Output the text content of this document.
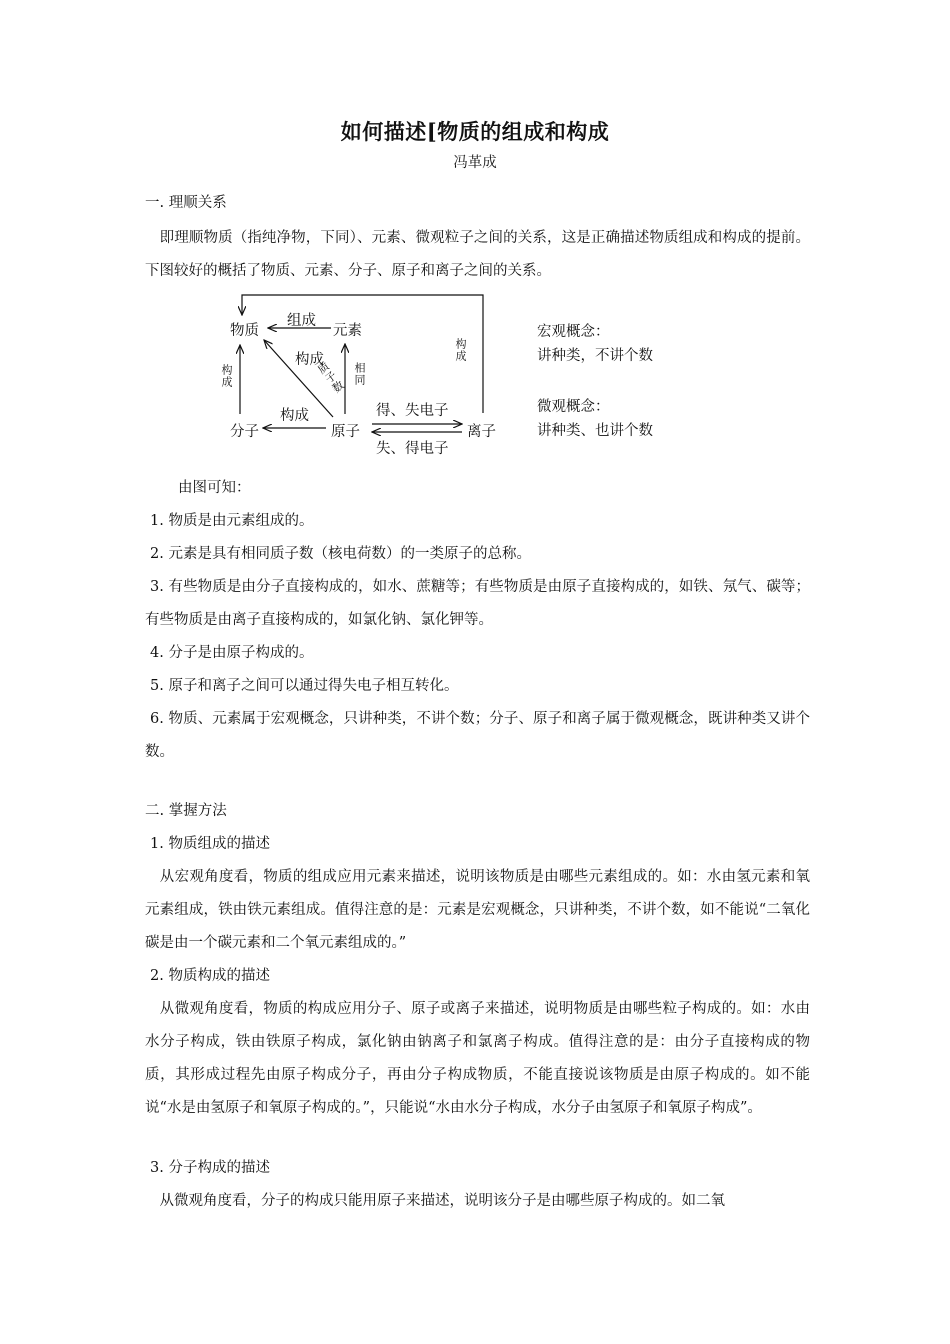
如何描述[物质的组成和构成
冯革成
一. 理顺关系
　即理顺物质（指纯净物，下同）、元素、微观粒子之间的关系，这是正确描述物质组成和构成的提前。下图较好的概括了物质、元素、分子、原子和离子之间的关系。
物质	元素
分子	原子	离子
组成
构成
构成
构成
构成
质子数 相同
得、失电子
失、得电子
宏观概念：
讲种类，不讲个数
微观概念：
讲种类、也讲个数
由图可知：
1. 物质是由元素组成的。
2. 元素是具有相同质子数（核电荷数）的一类原子的总称。
3. 有些物质是由分子直接构成的，如水、蔗糖等；有些物质是由原子直接构成的，如铁、氖气、碳等；有些物质是由离子直接构成的，如氯化钠、氯化钾等。
4. 分子是由原子构成的。
5. 原子和离子之间可以通过得失电子相互转化。
6. 物质、元素属于宏观概念，只讲种类，不讲个数；分子、原子和离子属于微观概念，既讲种类又讲个数。
二. 掌握方法
1. 物质组成的描述
　从宏观角度看，物质的组成应用元素来描述，说明该物质是由哪些元素组成的。如：水由氢元素和氧元素组成，铁由铁元素组成。值得注意的是：元素是宏观概念，只讲种类，不讲个数，如不能说“二氧化碳是由一个碳元素和二个氧元素组成的。”
2. 物质构成的描述
　从微观角度看，物质的构成应用分子、原子或离子来描述，说明物质是由哪些粒子构成的。如：水由水分子构成，铁由铁原子构成，氯化钠由钠离子和氯离子构成。值得注意的是：由分子直接构成的物质，其形成过程先由原子构成分子，再由分子构成物质，不能直接说该物质是由原子构成的。如不能说“水是由氢原子和氧原子构成的。”，只能说“水由水分子构成，水分子由氢原子和氧原子构成”。
3. 分子构成的描述
　从微观角度看，分子的构成只能用原子来描述，说明该分子是由哪些原子构成的。如二氧
